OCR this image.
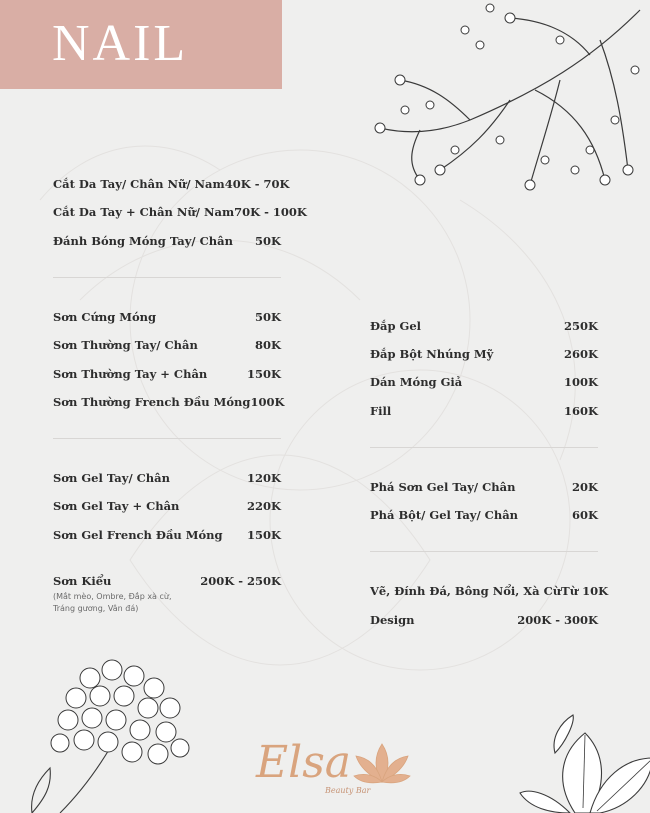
NAIL
Cắt Da Tay/ Chân Nữ/ Nam 40K - 70K
Cắt Da Tay + Chân Nữ/ Nam 70K - 100K
Đánh Bóng Móng Tay/ Chân 50K
Sơn Cứng Móng	50K
Sơn Thường Tay/ Chân	80K
Sơn Thường Tay + Chân	150K
Sơn Thường French Đầu Móng 100K
Sơn Gel Tay/ Chân	120K
Sơn Gel Tay + Chân	220K
Sơn Gel French Đầu Móng 150K
Sơn Kiểu	200K - 250K
(Mắt mèo, Ombre, Đắp xà cừ,
Tráng gương, Vân đá)
Đắp Gel	250K
Đắp Bột Nhúng Mỹ	260K
Dán Móng Giả	100K
Fill	160K
Phá Sơn Gel Tay/ Chân	20K
Phá Bột/ Gel Tay/ Chân	60K
Vẽ, Đính Đá, Bông Nổi, Xà Cừ Từ 10K
Design	200K - 300K
Elsa
Beauty Bar
